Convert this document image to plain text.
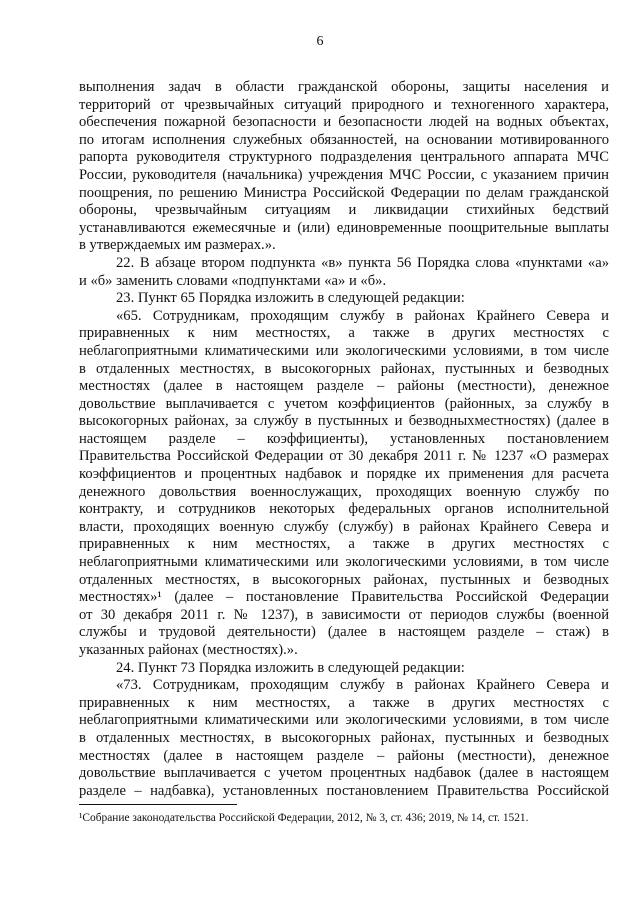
6
выполнения задач в области гражданской обороны, защиты населения и
территорий от чрезвычайных ситуаций природного и техногенного характера,
обеспечения пожарной безопасности и безопасности людей на водных объектах,
по итогам исполнения служебных обязанностей, на основании мотивированного
рапорта руководителя структурного подразделения центрального аппарата МЧС
России, руководителя (начальника) учреждения МЧС России, с указанием причин
поощрения, по решению Министра Российской Федерации по делам гражданской
обороны, чрезвычайным ситуациям и ликвидации стихийных бедствий
устанавливаются ежемесячные и (или) единовременные поощрительные выплаты
в утверждаемых им размерах.».
22. В абзаце втором подпункта «в» пункта 56 Порядка слова «пунктами «а»
и «б» заменить словами «подпунктами «а» и «б».
23. Пункт 65 Порядка изложить в следующей редакции:
«65. Сотрудникам, проходящим службу в районах Крайнего Севера и
приравненных к ним местностях, а также в других местностях с
неблагоприятными климатическими или экологическими условиями, в том числе
в отдаленных местностях, в высокогорных районах, пустынных и безводных
местностях (далее в настоящем разделе – районы (местности), денежное
довольствие выплачивается с учетом коэффициентов (районных, за службу в
высокогорных районах, за службу в пустынных и безводныхместностях) (далее в
настоящем разделе – коэффициенты), установленных постановлением
Правительства Российской Федерации от 30 декабря 2011 г. № 1237 «О размерах
коэффициентов и процентных надбавок и порядке их применения для расчета
денежного довольствия военнослужащих, проходящих военную службу по
контракту, и сотрудников некоторых федеральных органов исполнительной
власти, проходящих военную службу (службу) в районах Крайнего Севера и
приравненных к ним местностях, а также в других местностях с
неблагоприятными климатическими или экологическими условиями, в том числе
отдаленных местностях, в высокогорных районах, пустынных и безводных
местностях»¹ (далее – постановление Правительства Российской Федерации
от 30 декабря 2011 г. № 1237), в зависимости от периодов службы (военной
службы и трудовой деятельности) (далее в настоящем разделе – стаж) в
указанных районах (местностях).».
24. Пункт 73 Порядка изложить в следующей редакции:
«73. Сотрудникам, проходящим службу в районах Крайнего Севера и
приравненных к ним местностях, а также в других местностях с
неблагоприятными климатическими или экологическими условиями, в том числе
в отдаленных местностях, в высокогорных районах, пустынных и безводных
местностях (далее в настоящем разделе – районы (местности), денежное
довольствие выплачивается с учетом процентных надбавок (далее в настоящем
разделе – надбавка), установленных постановлением Правительства Российской
¹Собрание законодательства Российской Федерации, 2012, № 3, ст. 436; 2019, № 14, ст. 1521.
